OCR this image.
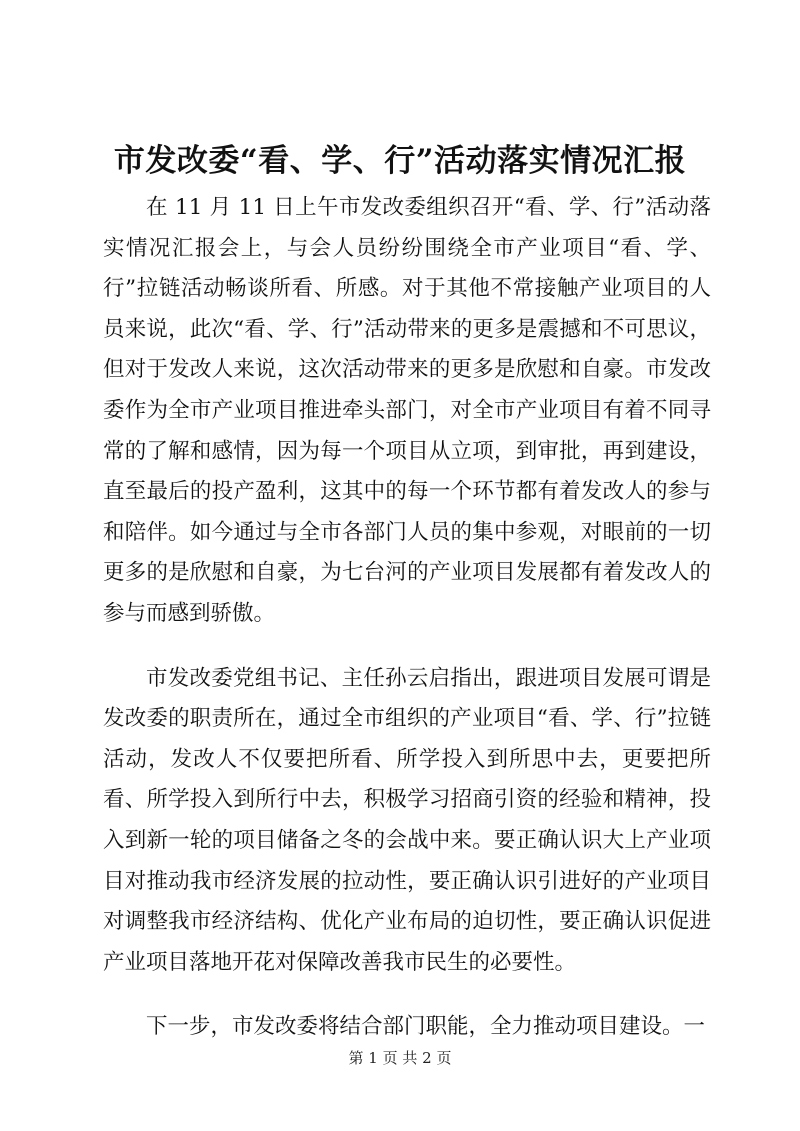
市发改委“看、学、行”活动落实情况汇报

在 11 月 11 日上午市发改委组织召开“看、学、行”活动落实情况汇报会上，与会人员纷纷围绕全市产业项目“看、学、行”拉链活动畅谈所看、所感。对于其他不常接触产业项目的人员来说，此次“看、学、行”活动带来的更多是震撼和不可思议，但对于发改人来说，这次活动带来的更多是欣慰和自豪。市发改委作为全市产业项目推进牵头部门，对全市产业项目有着不同寻常的了解和感情，因为每一个项目从立项，到审批，再到建设，直至最后的投产盈利，这其中的每一个环节都有着发改人的参与和陪伴。如今通过与全市各部门人员的集中参观，对眼前的一切更多的是欣慰和自豪，为七台河的产业项目发展都有着发改人的参与而感到骄傲。

市发改委党组书记、主任孙云启指出，跟进项目发展可谓是发改委的职责所在，通过全市组织的产业项目“看、学、行”拉链活动，发改人不仅要把所看、所学投入到所思中去，更要把所看、所学投入到所行中去，积极学习招商引资的经验和精神，投入到新一轮的项目储备之冬的会战中来。要正确认识大上产业项目对推动我市经济发展的拉动性，要正确认识引进好的产业项目对调整我市经济结构、优化产业布局的迫切性，要正确认识促进产业项目落地开花对保障改善我市民生的必要性。

下一步，市发改委将结合部门职能，全力推动项目建设。一

第 1 页 共 2 页
